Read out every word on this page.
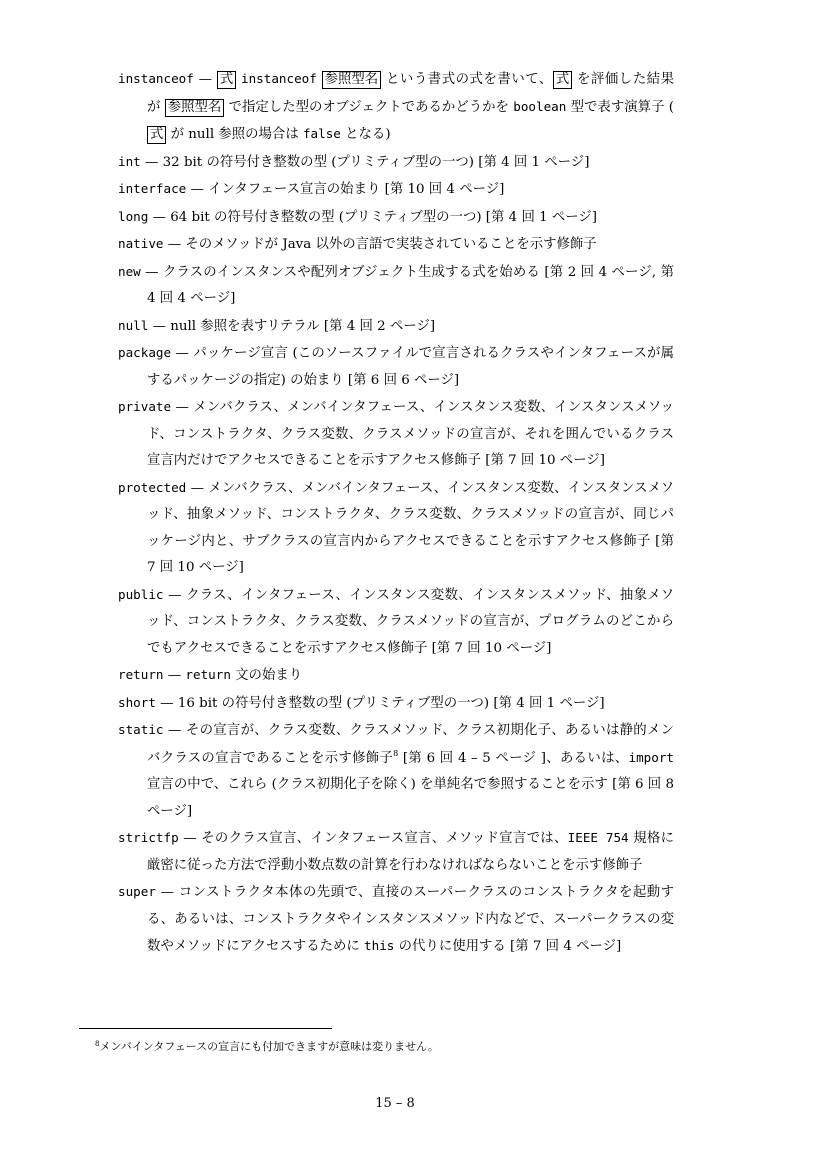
instanceof — 式 instanceof 参照型名 という書式の式を書いて、 式 を評価した結果が 参照型名 で指定した型のオブジェクトであるかどうかを boolean 型で表す演算子 (式 が null 参照の場合は false となる)

int — 32 bit の符号付き整数の型 (プリミティブ型の一つ) [第 4 回 1 ページ]

interface — インタフェース宣言の始まり [第 10 回 4 ページ]

long — 64 bit の符号付き整数の型 (プリミティブ型の一つ) [第 4 回 1 ページ]

native — そのメソッドが Java 以外の言語で実装されていることを示す修飾子

new — クラスのインスタンスや配列オブジェクト生成する式を始める [第 2 回 4 ページ, 第 4 回 4 ページ]

null — null 参照を表すリテラル [第 4 回 2 ページ]

package — パッケージ宣言 (このソースファイルで宣言されるクラスやインタフェースが属するパッケージの指定) の始まり [第 6 回 6 ページ]

private — メンバクラス、メンバインタフェース、インスタンス変数、インスタンスメソッド、コンストラクタ、クラス変数、クラスメソッドの宣言が、それを囲んでいるクラス宣言内だけでアクセスできることを示すアクセス修飾子 [第 7 回 10 ページ]

protected — メンバクラス、メンバインタフェース、インスタンス変数、インスタンスメソッド、抽象メソッド、コンストラクタ、クラス変数、クラスメソッドの宣言が、同じパッケージ内と、サブクラスの宣言内からアクセスできることを示すアクセス修飾子 [第 7 回 10 ページ]

public — クラス、インタフェース、インスタンス変数、インスタンスメソッド、抽象メソッド、コンストラクタ、クラス変数、クラスメソッドの宣言が、プログラムのどこからでもアクセスできることを示すアクセス修飾子 [第 7 回 10 ページ]

return — return 文の始まり

short — 16 bit の符号付き整数の型 (プリミティブ型の一つ) [第 4 回 1 ページ]

static — その宣言が、クラス変数、クラスメソッド、クラス初期化子、あるいは静的メンバクラスの宣言であることを示す修飾子$^8$ [第 6 回 4 – 5 ページ ]、あるいは、import 宣言の中で、これら (クラス初期化子を除く) を単純名で参照することを示す [第 6 回 8 ページ]

strictfp — そのクラス宣言、インタフェース宣言、メソッド宣言では、IEEE 754 規格に厳密に従った方法で浮動小数点数の計算を行わなければならないことを示す修飾子

super — コンストラクタ本体の先頭で、直接のスーパークラスのコンストラクタを起動する、あるいは、コンストラクタやインスタンスメソッド内などで、スーパークラスの変数やメソッドにアクセスするために this の代りに使用する [第 7 回 4 ページ]

$^8$メンバインタフェースの宣言にも付加できますが意味は変りません。
15 – 8
